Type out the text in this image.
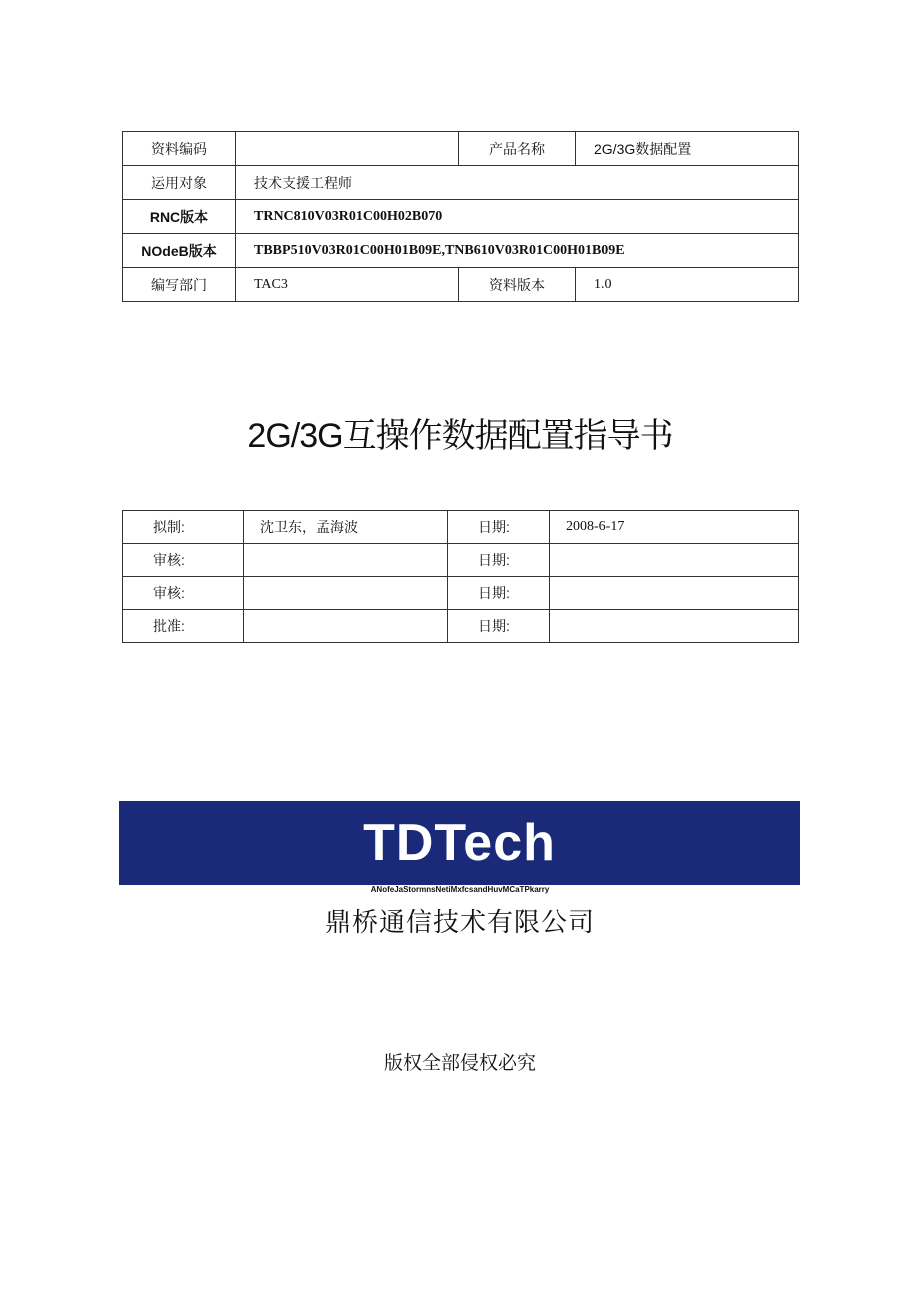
资料编码		产品名称	2G/3G数据配置
运用对象	技术支援工程师		
RNC版本	TRNC810V03R01C00H02B070		
NOdeB版本	TBBP510V03R01C00H01B09E,TNB610V03R01C00H01B09E		
编写部门	TAC3	资料版本	1.0
2G/3G互操作数据配置指导书
拟制:	沈卫东，孟海波	日期:	2008-6-17
审核:		日期:	
审核:		日期:	
批准:		日期:	
TDTech
ANofeJaStormnsNetiMxfcsandHuvMCaTPkarry
鼎桥通信技术有限公司
版权全部侵权必究
